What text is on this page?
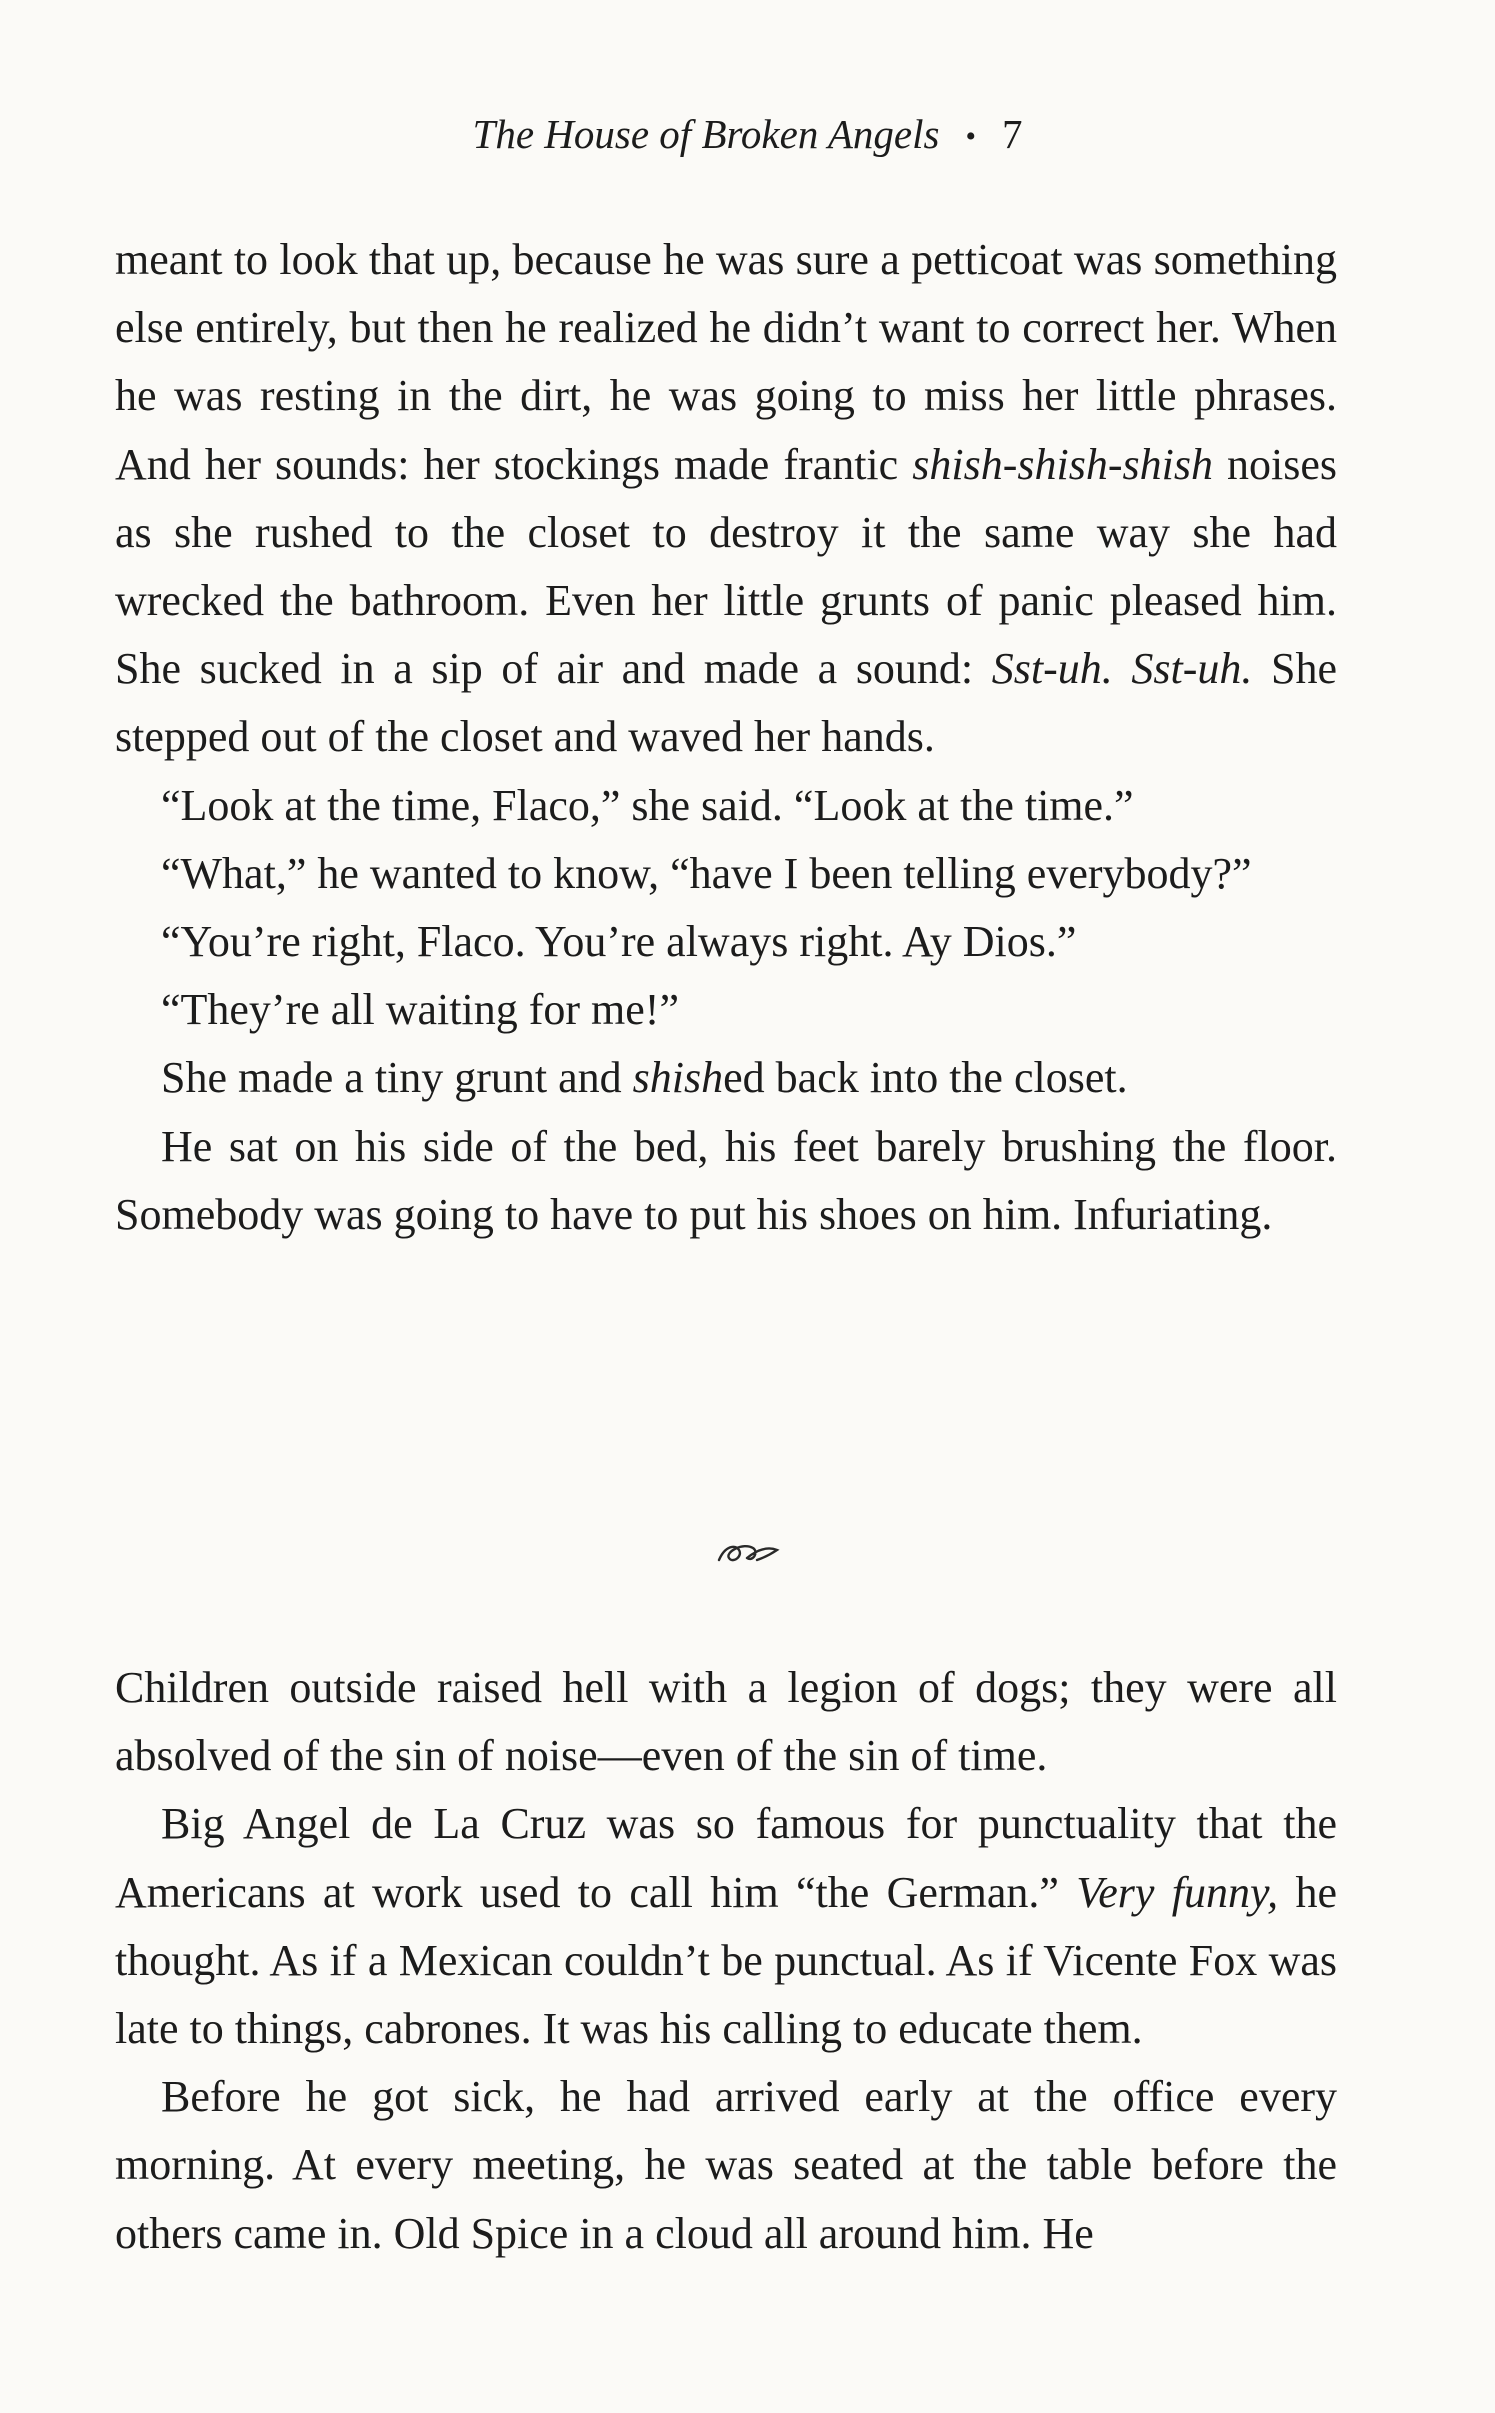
The House of Broken Angels • 7

meant to look that up, because he was sure a petticoat was something else entirely, but then he realized he didn’t want to correct her. When he was resting in the dirt, he was going to miss her little phrases. And her sounds: her stockings made frantic shish-shish-shish noises as she rushed to the closet to destroy it the same way she had wrecked the bathroom. Even her little grunts of panic pleased him. She sucked in a sip of air and made a sound: Sst-uh. Sst-uh. She stepped out of the closet and waved her hands.

“Look at the time, Flaco,” she said. “Look at the time.”

“What,” he wanted to know, “have I been telling everybody?”

“You’re right, Flaco. You’re always right. Ay Dios.”

“They’re all waiting for me!”

She made a tiny grunt and shished back into the closet.

He sat on his side of the bed, his feet barely brushing the floor. Somebody was going to have to put his shoes on him. Infuriating.

Children outside raised hell with a legion of dogs; they were all absolved of the sin of noise—even of the sin of time.

Big Angel de La Cruz was so famous for punctuality that the Americans at work used to call him “the German.” Very funny, he thought. As if a Mexican couldn’t be punctual. As if Vicente Fox was late to things, cabrones. It was his calling to educate them.

Before he got sick, he had arrived early at the office every morning. At every meeting, he was seated at the table before the others came in. Old Spice in a cloud all around him. He
